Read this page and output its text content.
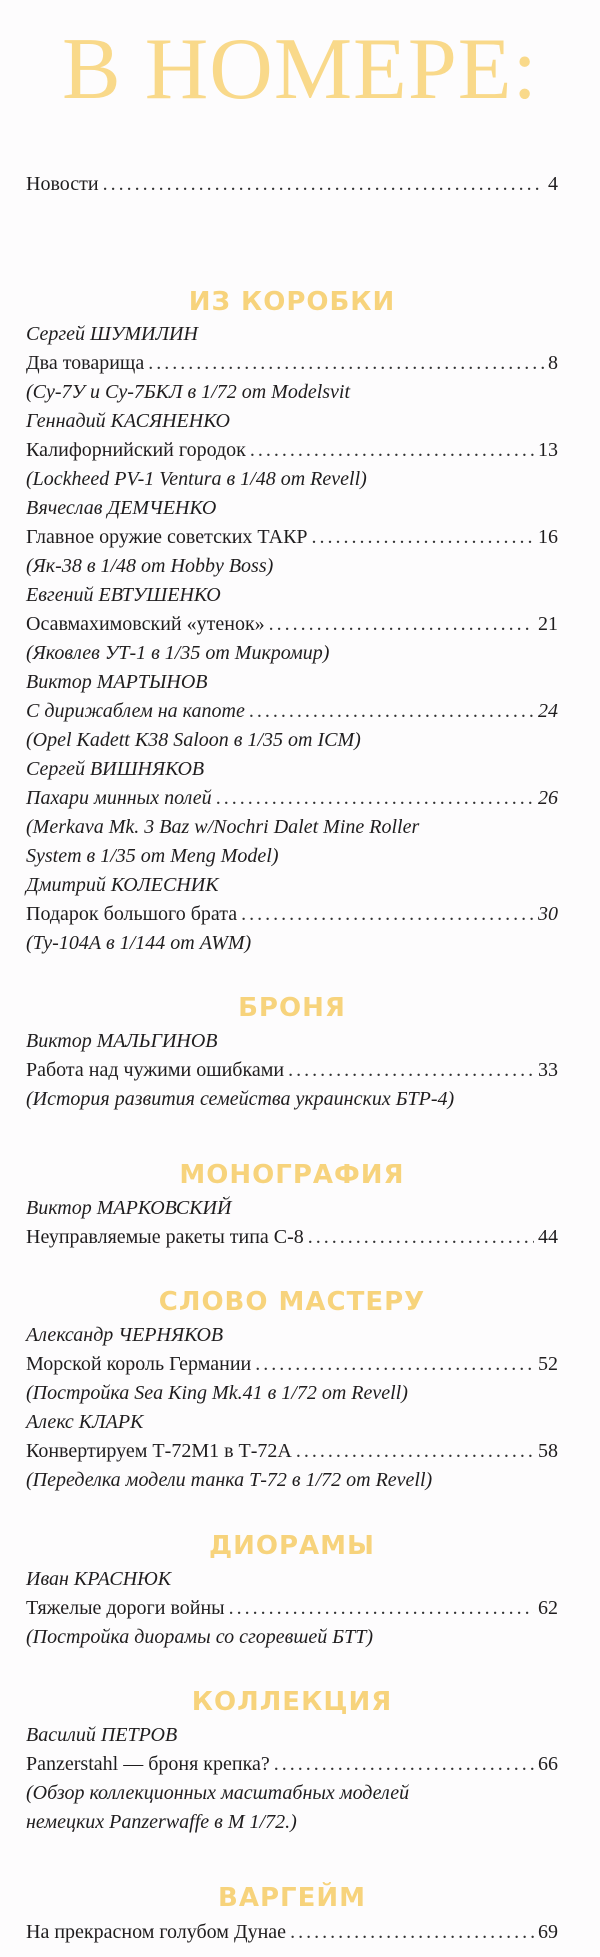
В НОМЕРЕ:
Новости . . .	4
ИЗ КОРОБКИ
Сергей ШУМИЛИН
Два товарища . . .	8
(Су-7У и Су-7БКЛ в 1/72 от Modelsvit
Геннадий КАСЯНЕНКО
Калифорнийский городок . . .	13
(Lockheed PV-1 Ventura в 1/48 от Revell)
Вячеслав ДЕМЧЕНКО
Главное оружие советских ТАКР . . .	16
(Як-38 в 1/48 от Hobby Boss)
Евгений ЕВТУШЕНКО
Осавмахимовский «утенок» . . .	21
(Яковлев УТ-1 в 1/35 от Микромир)
Виктор МАРТЫНОВ
С дирижаблем на капоте . . .	24
(Opel Kadett K38 Saloon в 1/35 от ICM)
Сергей ВИШНЯКОВ
Пахари минных полей . . .	26
(Merkava Mk. 3 Baz w/Nochri Dalet Mine Roller
System в 1/35 от Meng Model)
Дмитрий КОЛЕСНИК
Подарок большого брата . . .	30
(Ту-104А в 1/144 от AWM)
БРОНЯ
Виктор МАЛЬГИНОВ
Работа над чужими ошибками . . .	33
(История развития семейства украинских БТР-4)
МОНОГРАФИЯ
Виктор МАРКОВСКИЙ
Неуправляемые ракеты типа С-8 . . .	44
СЛОВО МАСТЕРУ
Александр ЧЕРНЯКОВ
Морской король Германии . . .	52
(Постройка Sea King Mk.41 в 1/72 от Revell)
Алекс КЛАРК
Конвертируем Т-72М1 в Т-72А . . .	58
(Переделка модели танка Т-72 в 1/72 от Revell)
ДИОРАМЫ
Иван КРАСНЮК
Тяжелые дороги войны . . .	62
(Постройка диорамы со сгоревшей БТТ)
КОЛЛЕКЦИЯ
Василий ПЕТРОВ
Panzerstahl — броня крепка? . . .	66
(Обзор коллекционных масштабных моделей
немецких Panzerwaffe в М 1/72.)
ВАРГЕЙМ
На прекрасном голубом Дунае . . .	69
